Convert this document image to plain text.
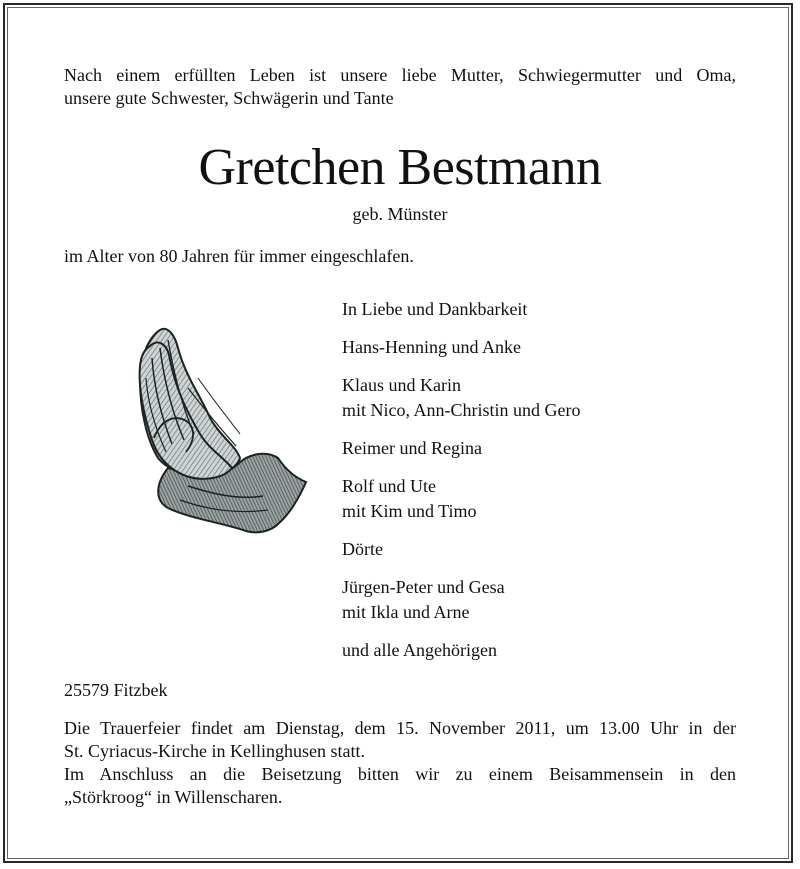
Nach einem erfüllten Leben ist unsere liebe Mutter, Schwiegermutter und Oma,
unsere gute Schwester, Schwägerin und Tante
Gretchen Bestmann
geb. Münster
im Alter von 80 Jahren für immer eingeschlafen.
In Liebe und Dankbarkeit
Hans-Henning und Anke
Klaus und Karin
mit Nico, Ann-Christin und Gero
Reimer und Regina
Rolf und Ute
mit Kim und Timo
Dörte
Jürgen-Peter und Gesa
mit Ikla und Arne
und alle Angehörigen
25579 Fitzbek
Die Trauerfeier findet am Dienstag, dem 15. November 2011, um 13.00 Uhr in der
St. Cyriacus-Kirche in Kellinghusen statt.
Im Anschluss an die Beisetzung bitten wir zu einem Beisammensein in den
„Störkroog“ in Willenscharen.
